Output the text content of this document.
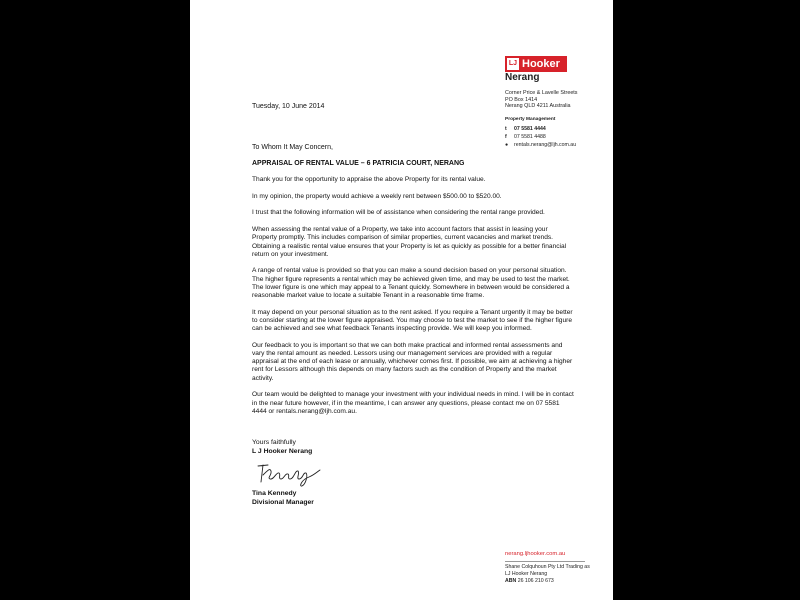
LJ Hooker
Nerang
Corner Price & Lavelle Streets
PO Box 1414
Nerang QLD 4211 Australia
Property Management
t 07 5581 4444
f 07 5581 4488
● rentals.nerang@ljh.com.au
Tuesday, 10 June 2014
To Whom It May Concern,
APPRAISAL OF RENTAL VALUE – 6 PATRICIA COURT, NERANG

Thank you for the opportunity to appraise the above Property for its rental value.

In my opinion, the property would achieve a weekly rent between $500.00 to $520.00.

I trust that the following information will be of assistance when considering the rental range provided.

When assessing the rental value of a Property, we take into account factors that assist in leasing your Property promptly. This includes comparison of similar properties, current vacancies and market trends. Obtaining a realistic rental value ensures that your Property is let as quickly as possible for a better financial return on your investment.

A range of rental value is provided so that you can make a sound decision based on your personal situation. The higher figure represents a rental which may be achieved given time, and may be used to test the market. The lower figure is one which may appeal to a Tenant quickly. Somewhere in between would be considered a reasonable market value to locate a suitable Tenant in a reasonable time frame.

It may depend on your personal situation as to the rent asked. If you require a Tenant urgently it may be better to consider starting at the lower figure appraised. You may choose to test the market to see if the higher figure can be achieved and see what feedback Tenants inspecting provide. We will keep you informed.

Our feedback to you is important so that we can both make practical and informed rental assessments and vary the rental amount as needed. Lessors using our management services are provided with a regular appraisal at the end of each lease or annually, whichever comes first. If possible, we aim at achieving a higher rent for Lessors although this depends on many factors such as the condition of Property and the market activity.

Our team would be delighted to manage your investment with your individual needs in mind. I will be in contact in the near future however, if in the meantime, I can answer any questions, please contact me on 07 5581 4444 or rentals.nerang@ljh.com.au.

Yours faithfully
L J Hooker Nerang
Tina Kennedy
Divisional Manager
nerang.ljhooker.com.au
Shane Colquhoun Pty Ltd Trading as
LJ Hooker Nerang
ABN 26 106 210 673
